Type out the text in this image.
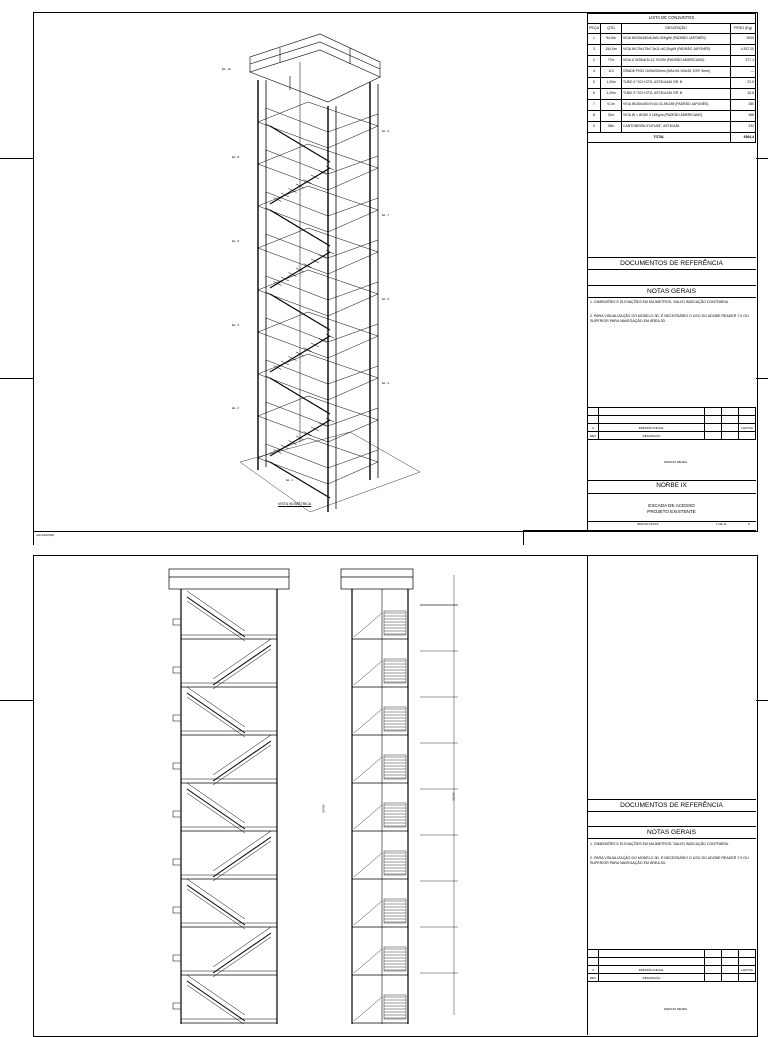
EL. 10
EL. 8
EL. 6
EL. 4
EL. 2
EL. 9
EL. 7
EL. 5
EL. 3
EL. 1
VISTA ISOMÉTRICA
(A2-420x594)
LISTA DE CONJUNTOS			
PEÇA	QTD	DESCRIÇÃO	PESO (Kg)
1	94,0m	VIGA W200x150x6,5x9=32Kg/M (PADRÃO JAPONÊS)	3000
3	154,0m	VIGA W175x175x7,5x11=40,2Kg/M (PADRÃO JAPONÊS)	4.537,20
2	77m	VIGA U W25x8,5=12,7KG/M (PADRÃO AMERICANO)	977,1
4	110	GRADE PISO 1000x250mm (MALHA 100x30, ESP. 5mm)	—
5	1,40m	TUBO 4" SCH STD, ASTM A106 GR. B	22,5
6	1,40m	TUBO 3" SCH STD, ASTM A106 GR. B	15,6
7	9,1m	VIGA W150x150x7x10=31,5KG/M (PADRÃO JAPONÊS)	280
8	31m	VIGA W = W150 X 18Kg/m (PADRÃO AMERICANO)	458
9	35m	CANTONEIRA 3"x3"x3/8", ASTM A36	232
TOTAL			9264,4
DOCUMENTOS DE REFERÊNCIA
NOTAS GERAIS
1. DIMENSÕES E ELEVAÇÕES EM MILÍMETROS, SALVO INDICAÇÃO CONTRÁRIA.
2. PARA VISUALIZAÇÃO DO MODELO 3D, É NECESSÁRIO O USO DO ADOBE READER 7.0 OU SUPERIOR PARA NAVEGAÇÃO EM ÁREA 3D.

0	EMISSÃO INICIAL			14/07/20
REV	DESCRIÇÃO			
MARCIO NEVES
NORBE IX
ESCADA DE ACESSO
PROJETO EXISTENTE
0000.00.XXXXX	1 DE 11	0
31246
29789	DOCUMENTOS DE REFERÊNCIA
NOTAS GERAIS
1. DIMENSÕES E ELEVAÇÕES EM MILÍMETROS, SALVO INDICAÇÃO CONTRÁRIA.
2. PARA VISUALIZAÇÃO DO MODELO 3D, É NECESSÁRIO O USO DO ADOBE READER 7.0 OU SUPERIOR PARA NAVEGAÇÃO EM ÁREA 3D.

0	EMISSÃO INICIAL			14/07/20
REV	DESCRIÇÃO			
MARCIO NEVES
